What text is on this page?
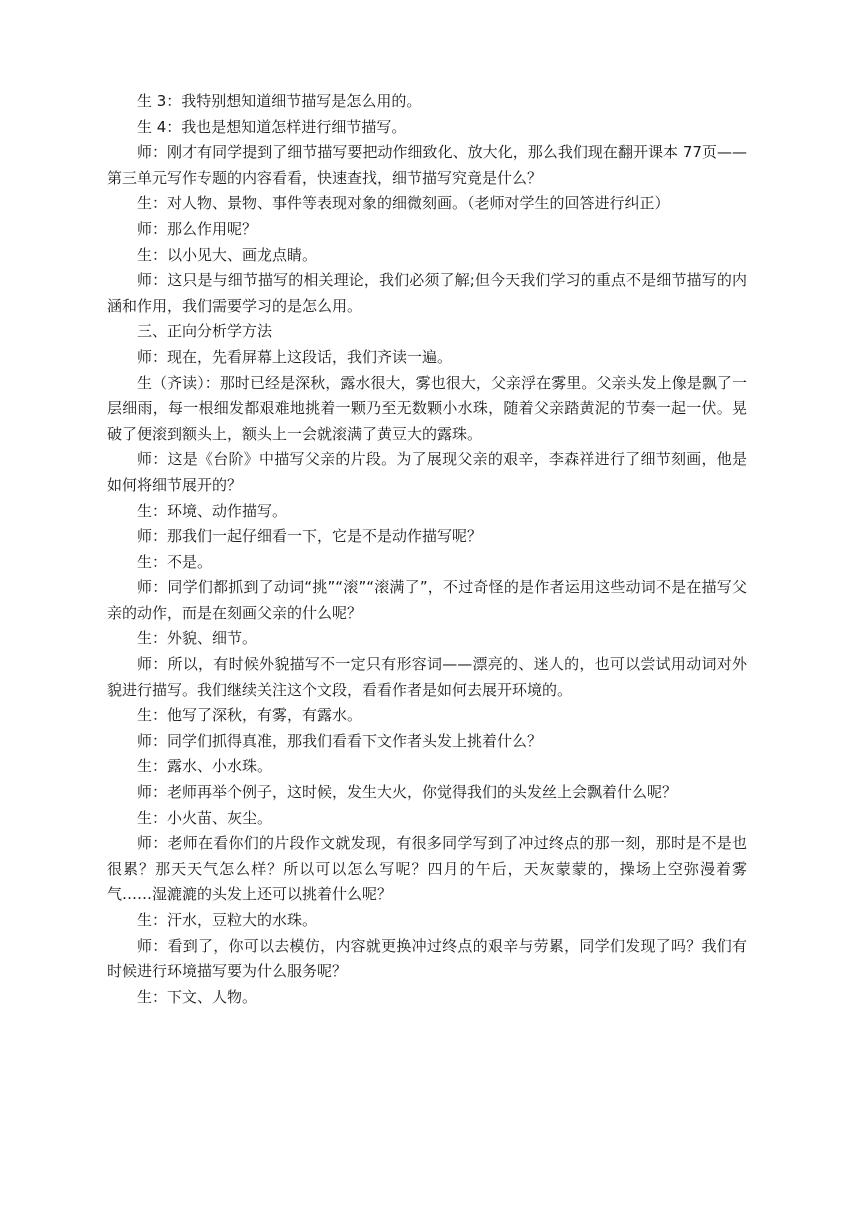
生 3：我特别想知道细节描写是怎么用的。

生 4：我也是想知道怎样进行细节描写。

师：刚才有同学提到了细节描写要把动作细致化、放大化，那么我们现在翻开课本 77页——第三单元写作专题的内容看看，快速查找，细节描写究竟是什么？

生：对人物、景物、事件等表现对象的细微刻画。（老师对学生的回答进行纠正）

师：那么作用呢？

生：以小见大、画龙点睛。

师：这只是与细节描写的相关理论，我们必须了解;但今天我们学习的重点不是细节描写的内涵和作用，我们需要学习的是怎么用。

三、正向分析学方法

师：现在，先看屏幕上这段话，我们齐读一遍。

生（齐读）：那时已经是深秋，露水很大，雾也很大，父亲浮在雾里。父亲头发上像是飘了一层细雨，每一根细发都艰难地挑着一颗乃至无数颗小水珠，随着父亲踏黄泥的节奏一起一伏。晃破了便滚到额头上，额头上一会就滚满了黄豆大的露珠。

师：这是《台阶》中描写父亲的片段。为了展现父亲的艰辛，李森祥进行了细节刻画，他是如何将细节展开的？

生：环境、动作描写。

师：那我们一起仔细看一下，它是不是动作描写呢？

生：不是。

师：同学们都抓到了动词“挑”“滚”“滚满了”，不过奇怪的是作者运用这些动词不是在描写父亲的动作，而是在刻画父亲的什么呢？

生：外貌、细节。

师：所以，有时候外貌描写不一定只有形容词——漂亮的、迷人的，也可以尝试用动词对外貌进行描写。我们继续关注这个文段，看看作者是如何去展开环境的。

生：他写了深秋，有雾，有露水。

师：同学们抓得真准，那我们看看下文作者头发上挑着什么？

生：露水、小水珠。

师：老师再举个例子，这时候，发生大火，你觉得我们的头发丝上会飘着什么呢？

生：小火苗、灰尘。

师：老师在看你们的片段作文就发现，有很多同学写到了冲过终点的那一刻，那时是不是也很累？那天天气怎么样？所以可以怎么写呢？四月的午后，天灰蒙蒙的，操场上空弥漫着雾气……湿漉漉的头发上还可以挑着什么呢？

生：汗水，豆粒大的水珠。

师：看到了，你可以去模仿，内容就更换冲过终点的艰辛与劳累，同学们发现了吗？我们有时候进行环境描写要为什么服务呢？

生：下文、人物。
